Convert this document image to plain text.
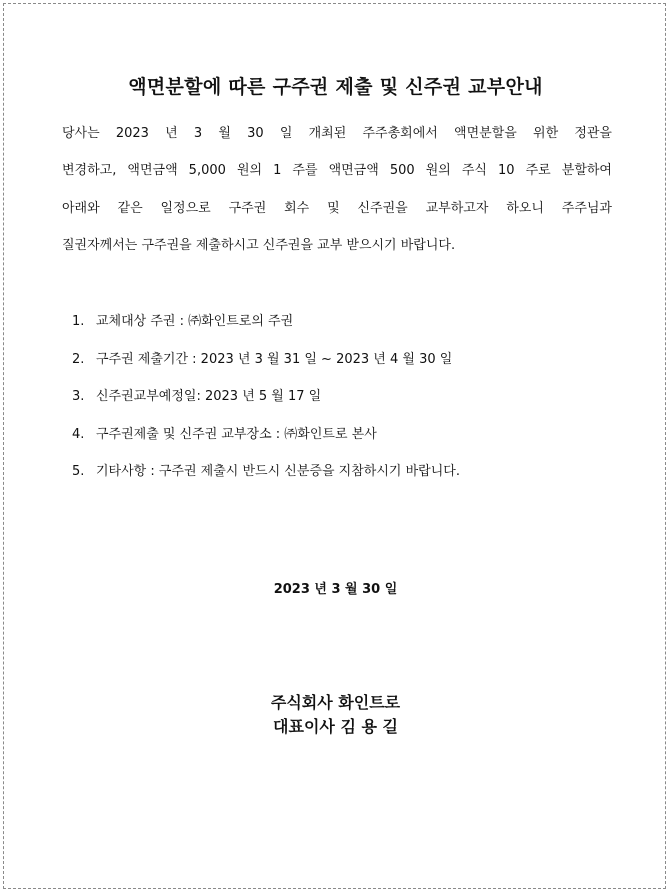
액면분할에 따른 구주권 제출 및 신주권 교부안내
당사는 2023 년 3 월 30 일 개최된 주주총회에서 액면분할을 위한 정관을
변경하고, 액면금액 5,000 원의 1 주를 액면금액 500 원의 주식 10 주로 분할하여
아래와 같은 일정으로 구주권 회수 및 신주권을 교부하고자 하오니 주주님과
질권자께서는 구주권을 제출하시고 신주권을 교부 받으시기 바랍니다.
1. 교체대상 주권 : ㈜화인트로의 주권
2. 구주권 제출기간 : 2023 년 3 월 31 일 ~ 2023 년 4 월 30 일
3. 신주권교부예정일: 2023 년 5 월 17 일
4. 구주권제출 및 신주권 교부장소 : ㈜화인트로 본사
5. 기타사항 : 구주권 제출시 반드시 신분증을 지참하시기 바랍니다.
2023 년 3 월 30 일
주식회사 화인트로
대표이사 김 용 길
